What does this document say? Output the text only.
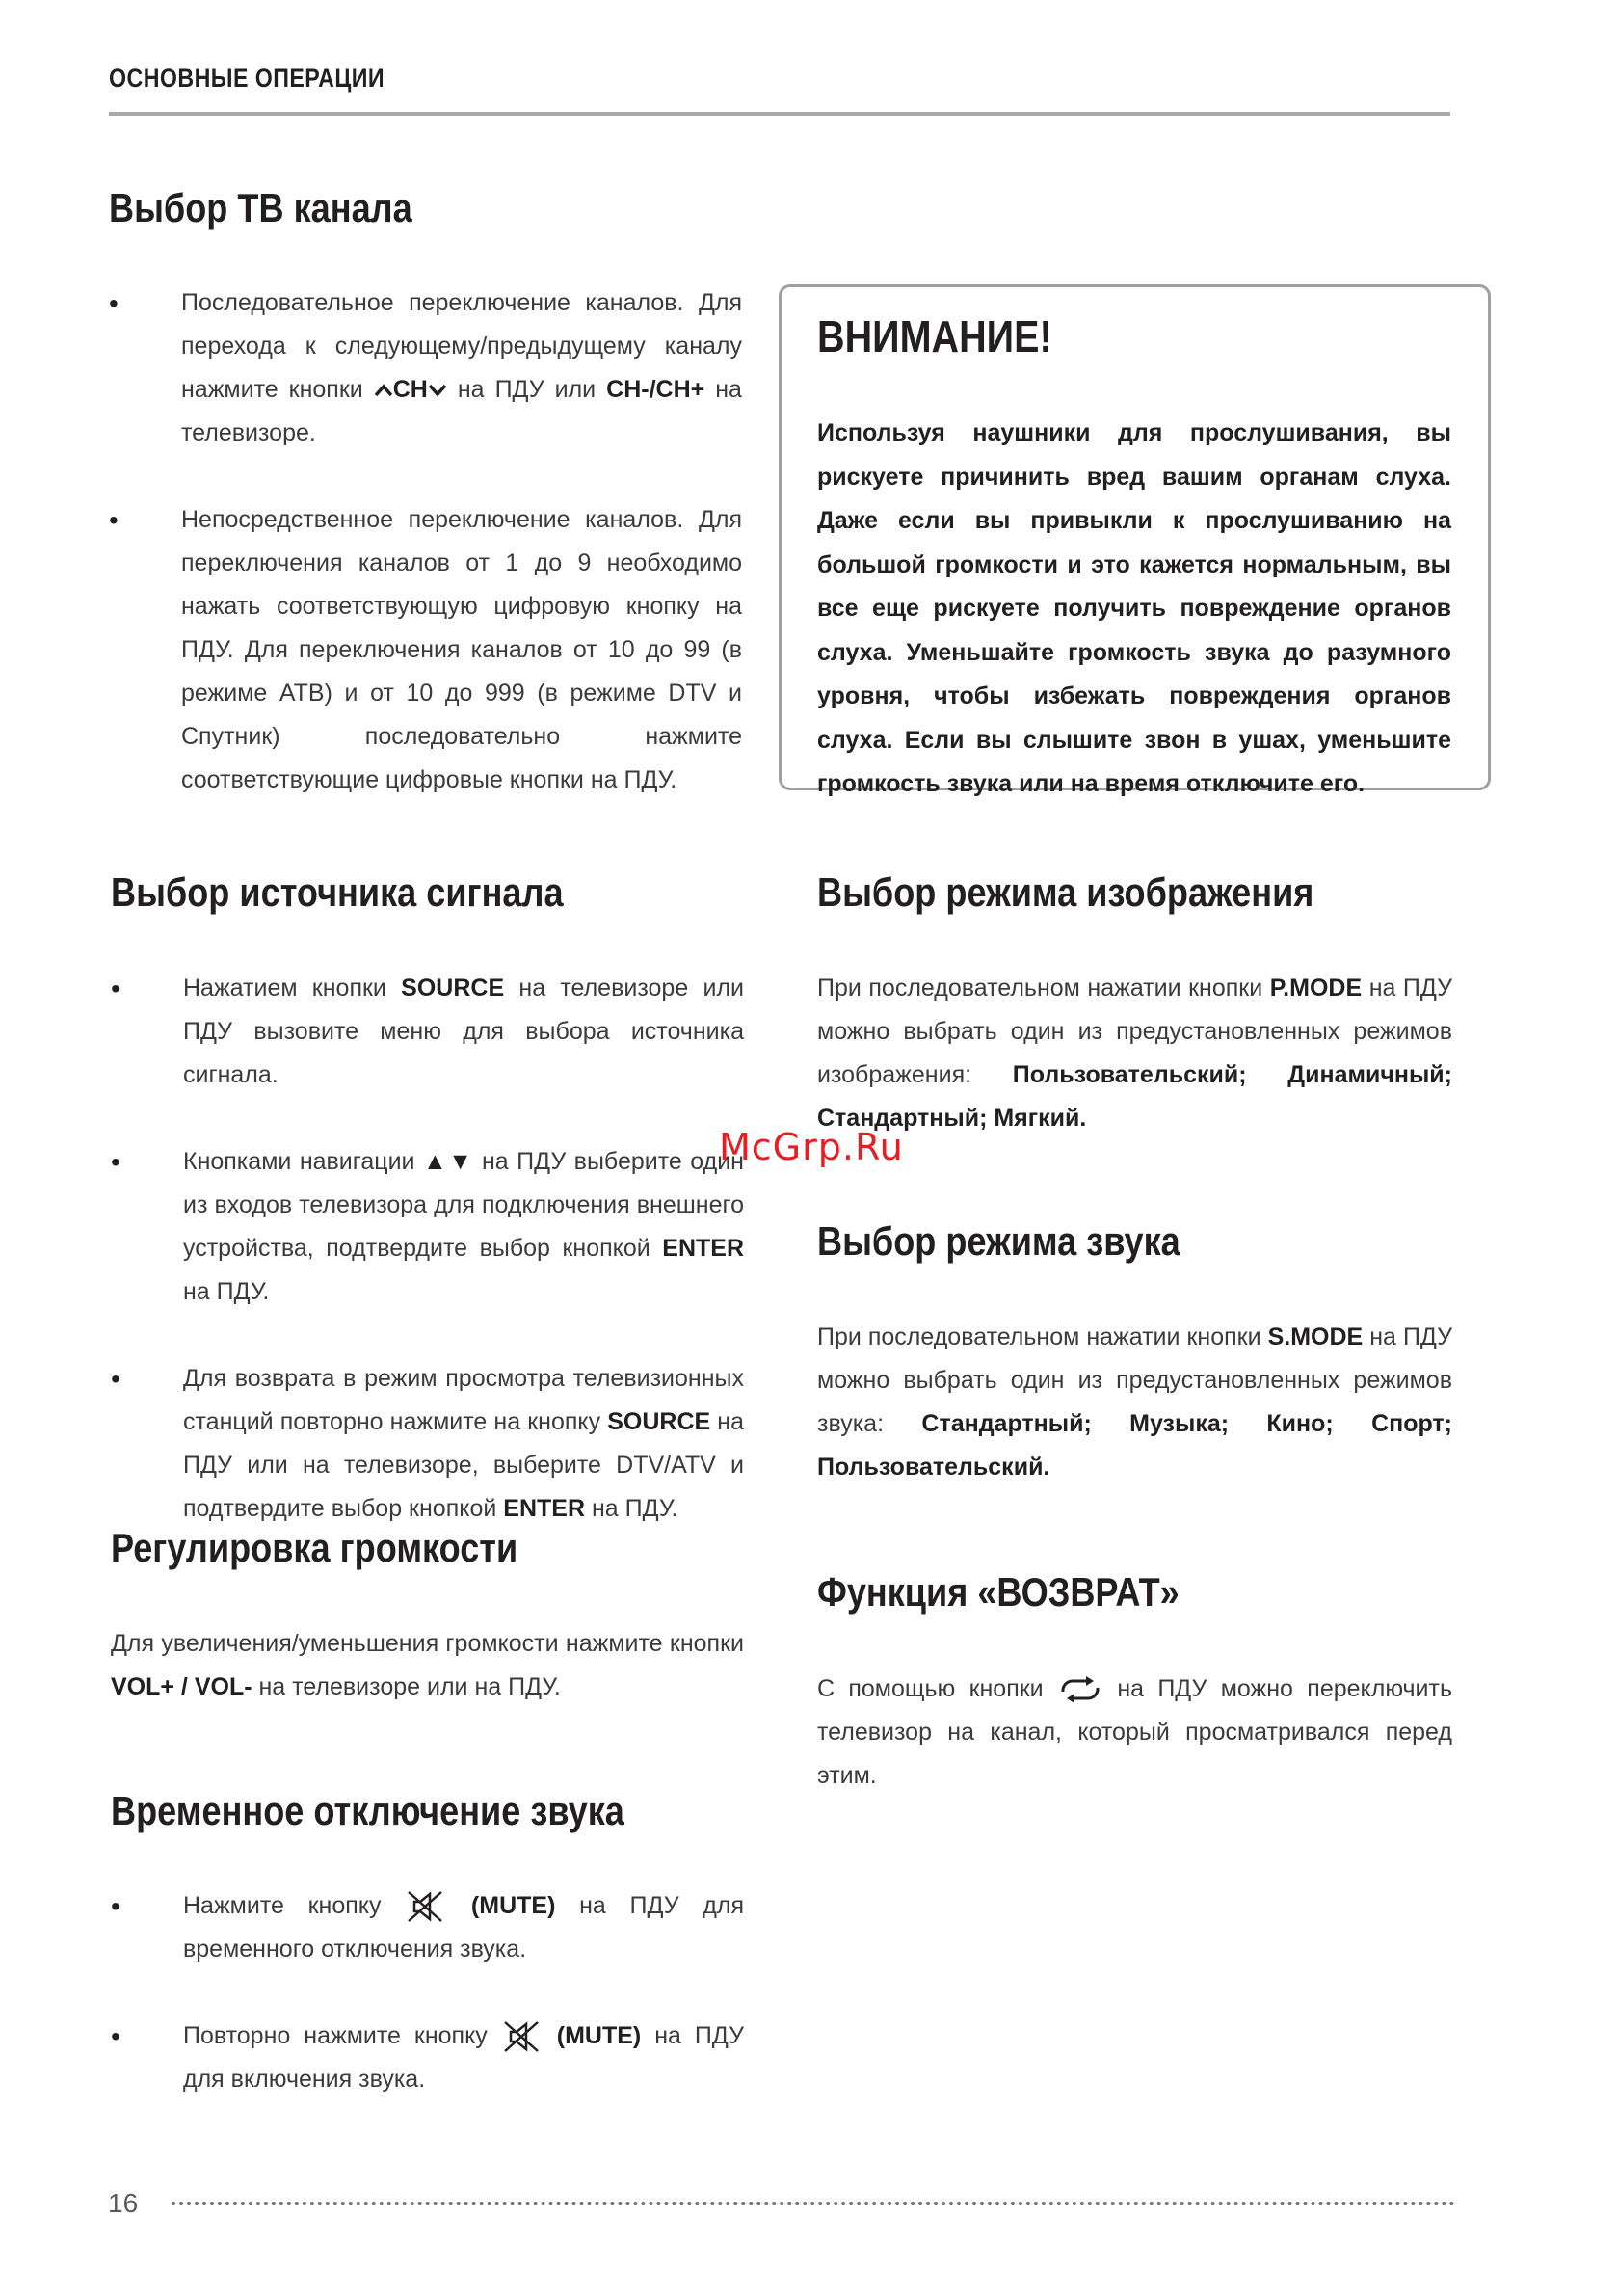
ОСНОВНЫЕ ОПЕРАЦИИ
Выбор ТВ канала
•	Последовательное переключение каналов. Для перехода к следующему/предыдущему каналу нажмите кнопки CH на ПДУ или CH-/CH+ на телевизоре.
•	Непосредственное переключение каналов. Для переключения каналов от 1 до 9 необходимо нажать соответствующую цифровую кнопку на ПДУ. Для переключения каналов от 10 до 99 (в режиме АТВ) и от 10 до 999 (в режиме DTV и Спутник) последовательно нажмите соответствующие цифровые кнопки на ПДУ.
ВНИМАНИЕ!
Используя наушники для прослушивания, вы рискуете причинить вред вашим органам слуха. Даже если вы привыкли к прослушиванию на большой громкости и это кажется нормальным, вы все еще рискуете получить повреждение органов слуха. Уменьшайте громкость звука до разумного уровня, чтобы избежать повреждения органов слуха. Если вы слышите звон в ушах, уменьшите громкость звука или на время отключите его.
Выбор источника сигнала
•	Нажатием кнопки SOURCE на телевизоре или ПДУ вызовите меню для выбора источника сигнала.
•	Кнопками навигации ▲▼ на ПДУ выберите один из входов телевизора для подключения внешнего устройства, подтвердите выбор кнопкой ENTER на ПДУ.
•	Для возврата в режим просмотра телевизионных станций повторно нажмите на кнопку SOURCE на ПДУ или на телевизоре, выберите DTV/ATV и подтвердите выбор кнопкой ENTER на ПДУ.
Регулировка громкости
Для увеличения/уменьшения громкости нажмите кнопки VOL+ / VOL- на телевизоре или на ПДУ.
Временное отключение звука
•	Нажмите кнопку	(MUTE) на ПДУ для временного отключения звука.
•	Повторно нажмите кнопку	(MUTE) на ПДУ для включения звука.
Выбор режима изображения
При последовательном нажатии кнопки P.MODE на ПДУ можно выбрать один из предустановленных режимов изображения: Пользовательский; Динамичный; Стандартный; Мягкий.
Выбор режима звука
При последовательном нажатии кнопки S.MODE на ПДУ можно выбрать один из предустановленных режимов звука: Стандартный; Музыка; Кино; Спорт; Пользовательский.
Функция «ВОЗВРАТ»
С помощью кнопки	на ПДУ можно переключить телевизор на канал, который просматривался перед этим.
McGrp.Ru
16
